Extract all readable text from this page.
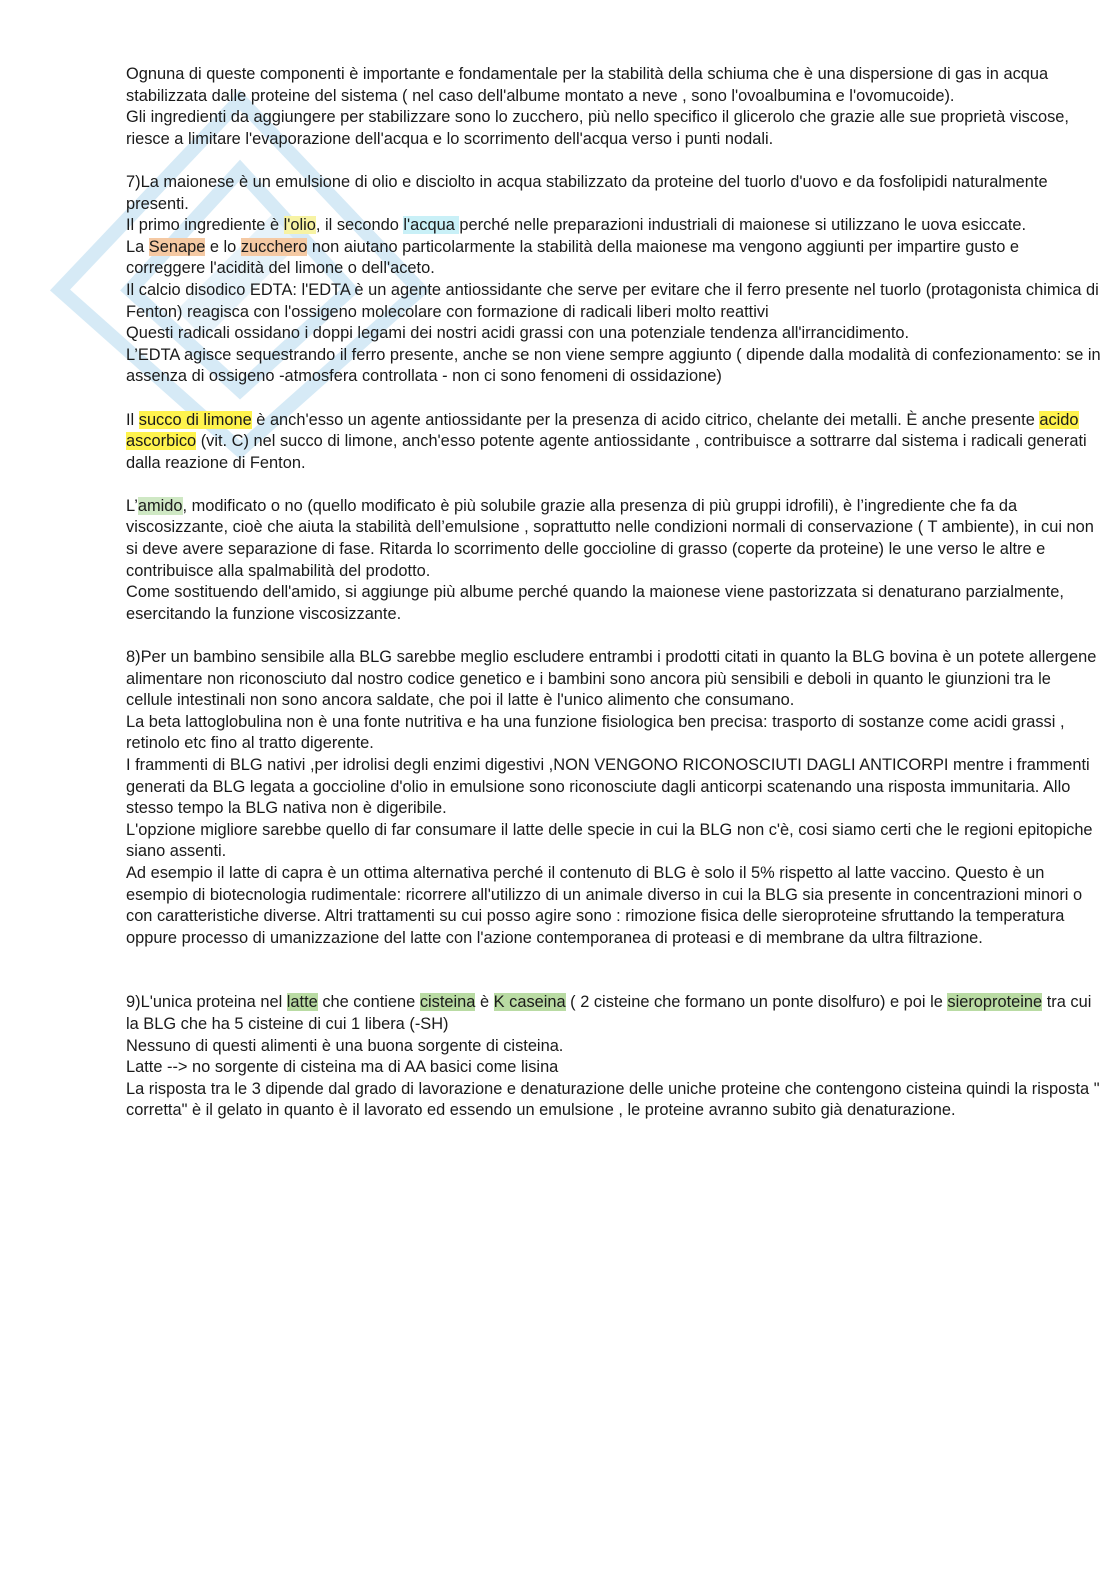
Ognuna di queste componenti è importante e fondamentale per la stabilità della schiuma che è una dispersione di gas in acqua stabilizzata dalle proteine del sistema ( nel caso dell'albume montato a neve , sono l'ovoalbumina e l'ovomucoide).

Gli ingredienti da aggiungere per stabilizzare sono lo zucchero, più nello specifico il glicerolo che grazie alle sue proprietà viscose, riesce a limitare l'evaporazione dell'acqua e lo scorrimento dell'acqua verso i punti nodali.

7)La maionese è un emulsione di olio e disciolto in acqua stabilizzato da proteine del tuorlo d'uovo e da fosfolipidi naturalmente presenti.

Il primo ingrediente è l'olio, il secondo l'acqua perché nelle preparazioni industriali di maionese si utilizzano le uova esiccate.

La Senape e lo zucchero non aiutano particolarmente la stabilità della maionese ma vengono aggiunti per impartire gusto e correggere l'acidità del limone o dell'aceto.

Il calcio disodico EDTA: l'EDTA è un agente antiossidante che serve per evitare che il ferro presente nel tuorlo (protagonista chimica di Fenton) reagisca con l'ossigeno molecolare con formazione di radicali liberi molto reattivi

Questi radicali ossidano i doppi legami dei nostri acidi grassi con una potenziale tendenza all'irrancidimento.

L’EDTA agisce sequestrando il ferro presente, anche se non viene sempre aggiunto ( dipende dalla modalità di confezionamento: se in assenza di ossigeno -atmosfera controllata - non ci sono fenomeni di ossidazione)

Il succo di limone è anch'esso un agente antiossidante per la presenza di acido citrico, chelante dei metalli. È anche presente acido ascorbico (vit. C) nel succo di limone, anch'esso potente agente antiossidante , contribuisce a sottrarre dal sistema i radicali generati dalla reazione di Fenton.

L’amido, modificato o no (quello modificato è più solubile grazie alla presenza di più gruppi idrofili), è l’ingrediente che fa da viscosizzante, cioè che aiuta la stabilità dell’emulsione , soprattutto nelle condizioni normali di conservazione ( T ambiente), in cui non si deve avere separazione di fase. Ritarda lo scorrimento delle goccioline di grasso (coperte da proteine) le une verso le altre e contribuisce alla spalmabilità del prodotto.

Come sostituendo dell'amido, si aggiunge più albume perché quando la maionese viene pastorizzata si denaturano parzialmente, esercitando la funzione viscosizzante.

8)Per un bambino sensibile alla BLG sarebbe meglio escludere entrambi i prodotti citati in quanto la BLG bovina è un potete allergene alimentare non riconosciuto dal nostro codice genetico e i bambini sono ancora più sensibili e deboli in quanto le giunzioni tra le cellule intestinali non sono ancora saldate, che poi il latte è l'unico alimento che consumano.

La beta lattoglobulina non è una fonte nutritiva e ha una funzione fisiologica ben precisa: trasporto di sostanze come acidi grassi , retinolo etc fino al tratto digerente.

I frammenti di BLG nativi ,per idrolisi degli enzimi digestivi ,NON VENGONO RICONOSCIUTI DAGLI ANTICORPI mentre i frammenti generati da BLG legata a goccioline d'olio in emulsione sono riconosciute dagli anticorpi scatenando una risposta immunitaria. Allo stesso tempo la BLG nativa non è digeribile.

L'opzione migliore sarebbe quello di far consumare il latte delle specie in cui la BLG non c'è, cosi siamo certi che le regioni epitopiche siano assenti.

Ad esempio il latte di capra è un ottima alternativa perché il contenuto di BLG è solo il 5% rispetto al latte vaccino. Questo è un esempio di biotecnologia rudimentale: ricorrere all'utilizzo di un animale diverso in cui la BLG sia presente in concentrazioni minori o con caratteristiche diverse. Altri trattamenti su cui posso agire sono : rimozione fisica delle sieroproteine sfruttando la temperatura oppure processo di umanizzazione del latte con l'azione contemporanea di proteasi e di membrane da ultra filtrazione.

9)L'unica proteina nel latte che contiene cisteina è K caseina ( 2 cisteine che formano un ponte disolfuro) e poi le sieroproteine tra cui la BLG che ha 5 cisteine di cui 1 libera (-SH)

Nessuno di questi alimenti è una buona sorgente di cisteina.

Latte --> no sorgente di cisteina ma di AA basici come lisina

La risposta tra le 3 dipende dal grado di lavorazione e denaturazione delle uniche proteine che contengono cisteina quindi la risposta " corretta" è il gelato in quanto è il lavorato ed essendo un emulsione , le proteine avranno subito già denaturazione.
